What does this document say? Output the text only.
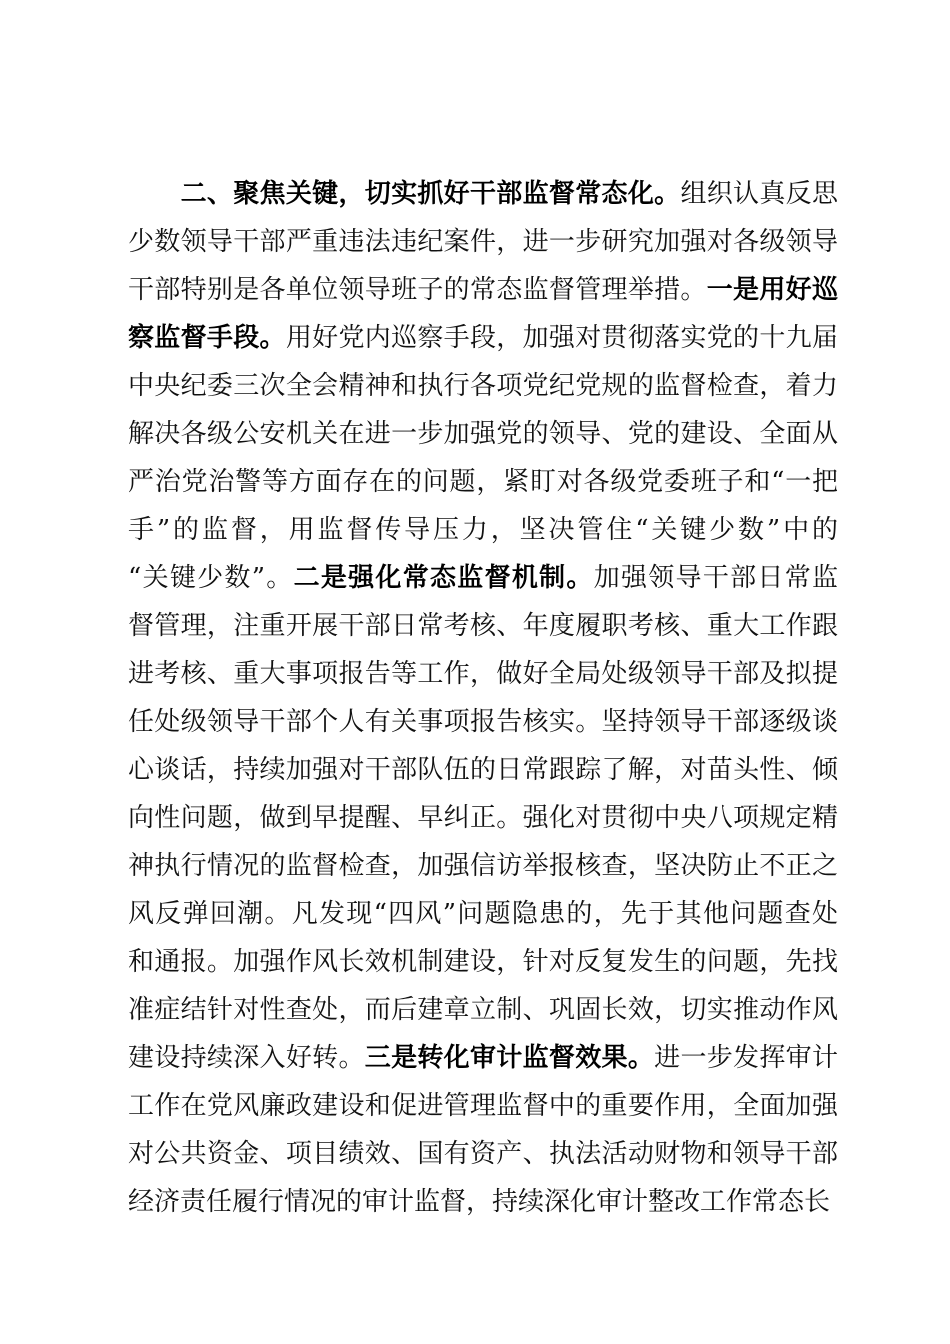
　　二、聚焦关键，切实抓好干部监督常态化。组织认真反思
少数领导干部严重违法违纪案件，进一步研究加强对各级领导
干部特别是各单位领导班子的常态监督管理举措。一是用好巡
察监督手段。用好党内巡察手段，加强对贯彻落实党的十九届
中央纪委三次全会精神和执行各项党纪党规的监督检查，着力
解决各级公安机关在进一步加强党的领导、党的建设、全面从
严治党治警等方面存在的问题，紧盯对各级党委班子和“一把
手”的监督，用监督传导压力，坚决管住“关键少数”中的
“关键少数”。二是强化常态监督机制。加强领导干部日常监
督管理，注重开展干部日常考核、年度履职考核、重大工作跟
进考核、重大事项报告等工作，做好全局处级领导干部及拟提
任处级领导干部个人有关事项报告核实。坚持领导干部逐级谈
心谈话，持续加强对干部队伍的日常跟踪了解，对苗头性、倾
向性问题，做到早提醒、早纠正。强化对贯彻中央八项规定精
神执行情况的监督检查，加强信访举报核查，坚决防止不正之
风反弹回潮。凡发现“四风”问题隐患的，先于其他问题查处
和通报。加强作风长效机制建设，针对反复发生的问题，先找
准症结针对性查处，而后建章立制、巩固长效，切实推动作风
建设持续深入好转。三是转化审计监督效果。进一步发挥审计
工作在党风廉政建设和促进管理监督中的重要作用，全面加强
对公共资金、项目绩效、国有资产、执法活动财物和领导干部
经济责任履行情况的审计监督，持续深化审计整改工作常态长
